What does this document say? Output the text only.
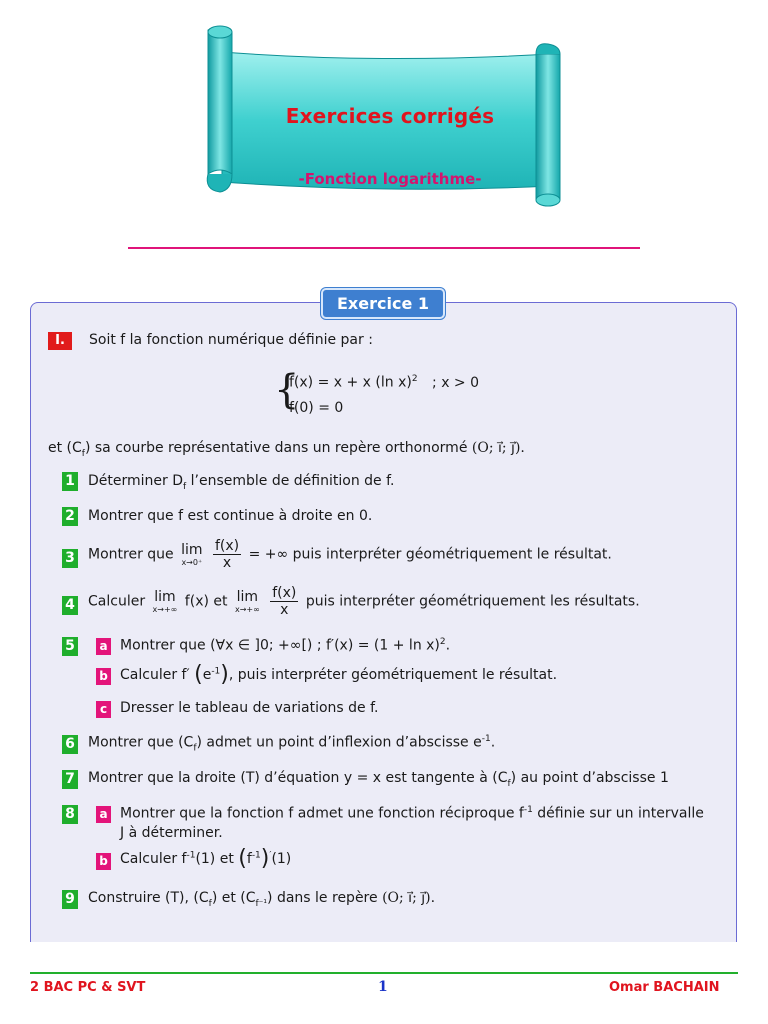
Exercices corrigés
-Fonction logarithme-
Exercice 1
I.	Soit f la fonction numérique définie par :
{
f(x) = x + x (ln x)$^2$ ; x > 0
f(0) = 0
et $(C_f)$ sa courbe représentative dans un repère orthonormé (O; i⃗; j⃗).
1 Déterminer $D_f$ l’ensemble de définition de f.
2 Montrer que f est continue à droite en 0.
3 Montrer que lim
x→0⁺
$\frac{f(x)}{x}$ = +∞ puis interpréter géométriquement le résultat.
4 Calculer lim
x→+∞ f(x) et lim
x→+∞
$\frac{f(x)}{x}$ puis interpréter géométriquement les résultats.
5 a Montrer que (∀x ∈ ]0; +∞[) ; $f'(x) = (1 + \ln x)^2$.
b Calculer f′ $(e^{-1})$, puis interpréter géométriquement le résultat.
c Dresser le tableau de variations de f.
6 Montrer que $(C_f)$ admet un point d’inflexion d’abscisse $e^{-1}$.
7 Montrer que la droite (T) d’équation y = x est tangente à $(C_f)$ au point d’abscisse 1
8 a Montrer que la fonction f admet une fonction réciproque $f^{-1}$ définie sur un intervalle
J à déterminer.
b Calculer $f^{-1}(1)$ et $(f^{-1})'(1)$
9 Construire (T), $(C_f)$ et $(C_{f^{-1}})$ dans le repère (O; i⃗; j⃗).
2 BAC PC & SVT	1	Omar BACHAIN
